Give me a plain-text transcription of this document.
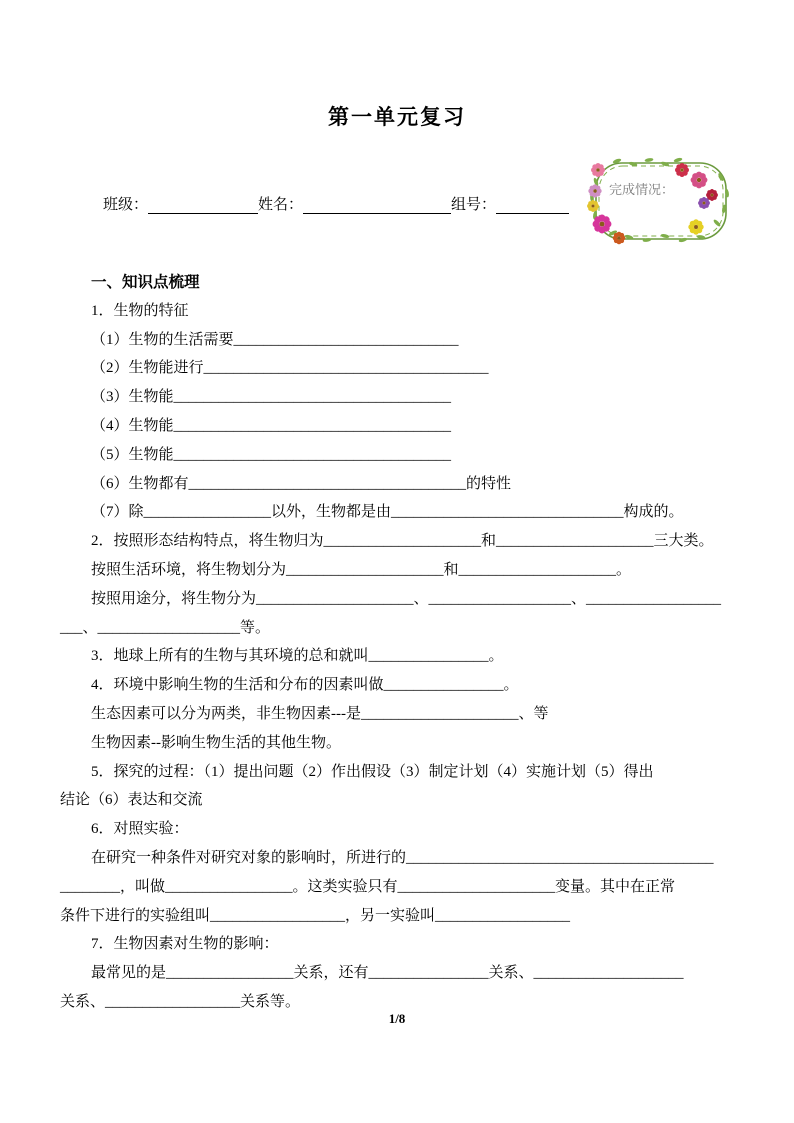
第一单元复习
班级：	姓名：	组号：
完成情况：
一、知识点梳理
1．生物的特征
（1）生物的生活需要______________________________
（2）生物能进行______________________________________
（3）生物能_____________________________________
（4）生物能_____________________________________
（5）生物能_____________________________________
（6）生物都有_____________________________________的特性
（7）除_________________以外，生物都是由_______________________________构成的。
2．按照形态结构特点，将生物归为_____________________和_____________________三大类。
按照生活环境，将生物划分为_____________________和_____________________。
按照用途分，将生物分为_____________________、___________________、__________________
___、___________________等。
3．地球上所有的生物与其环境的总和就叫________________。
4．环境中影响生物的生活和分布的因素叫做________________。
生态因素可以分为两类，非生物因素---是_____________________、等
生物因素--影响生物生活的其他生物。
5．探究的过程：（1）提出问题（2）作出假设（3）制定计划（4）实施计划（5）得出
结论（6）表达和交流
6．对照实验：
在研究一种条件对研究对象的影响时，所进行的_________________________________________
________，叫做_________________。这类实验只有_____________________变量。其中在正常
条件下进行的实验组叫__________________，另一实验叫__________________
7．生物因素对生物的影响：
最常见的是_________________关系，还有________________关系、____________________
关系、__________________关系等。
1/8
